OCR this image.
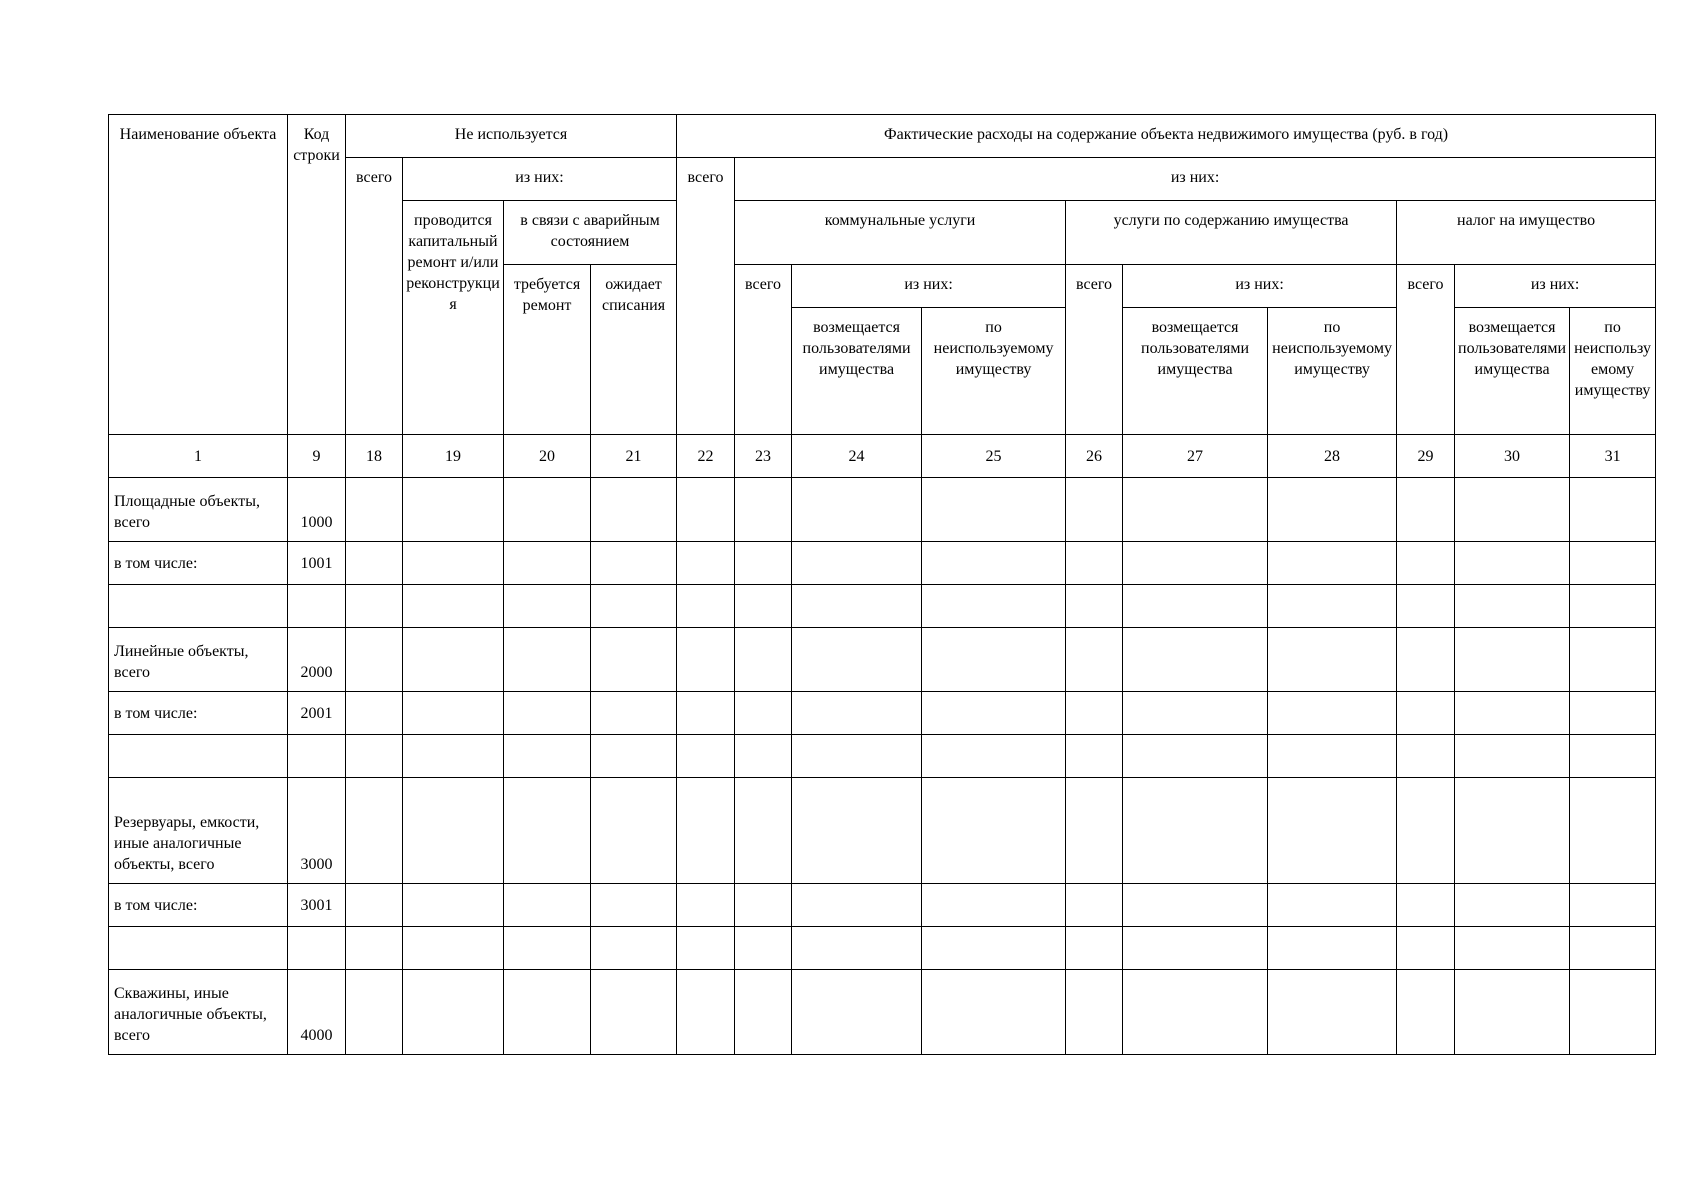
Наименование объекта	Код строки	Не используется				Фактические расходы на содержание объекта недвижимого имущества (руб. в год)									
		всего	из них:			всего	из них:								
			проводится капитальный ремонт и/или реконструкция	в связи с аварийным состоянием			коммунальные услуги			услуги по содержанию имущества			налог на имущество		
				требуется ремонт	ожидает списания		всего	из них:		всего	из них:		всего	из них:	
								возмещается пользователями имущества	по неиспользуемому имуществу		возмещается пользователями имущества	по неиспользуемому имуществу		возмещается пользователями имущества	по неиспользуемому имуществу
1	9	18	19	20	21	22	23	24	25	26	27	28	29	30	31
Площадные объекты, всего	1000														
в том числе:	1001														

Линейные объекты, всего	2000														
в том числе:	2001														

Резервуары, емкости, иные аналогичные объекты, всего	3000														
в том числе:	3001														

Скважины, иные аналогичные объекты, всего	4000														
